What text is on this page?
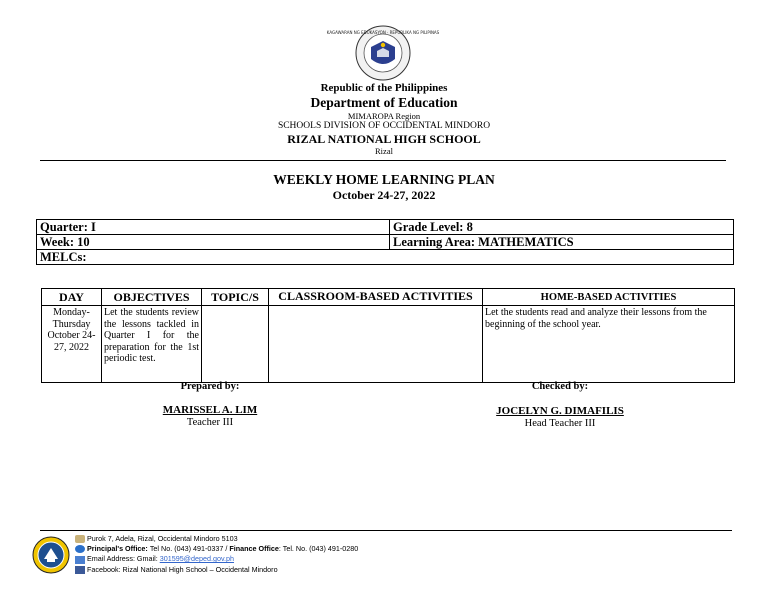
KAGAWARAN NG EDUKASYON · REPUBLIKA NG PILIPINAS
Republic of the Philippines
Department of Education
MIMAROPA Region
SCHOOLS DIVISION OF OCCIDENTAL MINDORO
RIZAL NATIONAL HIGH SCHOOL
Rizal
WEEKLY HOME LEARNING PLAN
October 24-27, 2022
Quarter: I	Grade Level: 8
Week: 10	Learning Area: MATHEMATICS
MELCs:	
DAY	OBJECTIVES	TOPIC/S	CLASSROOM-BASED ACTIVITIES	HOME-BASED ACTIVITIES
Monday-Thursday October 24-27, 2022	Let the students review the lessons tackled in Quarter I for the preparation for the 1st periodic test.			Let the students read and analyze their lessons from the beginning of the school year.
Prepared by:
MARISSEL A. LIM
Teacher III
Checked by:
JOCELYN G. DIMAFILIS
Head Teacher III
Purok 7, Adela, Rizal, Occidental Mindoro 5103
Principal's Office: Tel No. (043) 491-0337 / Finance Office: Tel. No. (043) 491-0280
Email Address: Gmail: 301595@deped.gov.ph
Facebook: Rizal National High School – Occidental Mindoro
